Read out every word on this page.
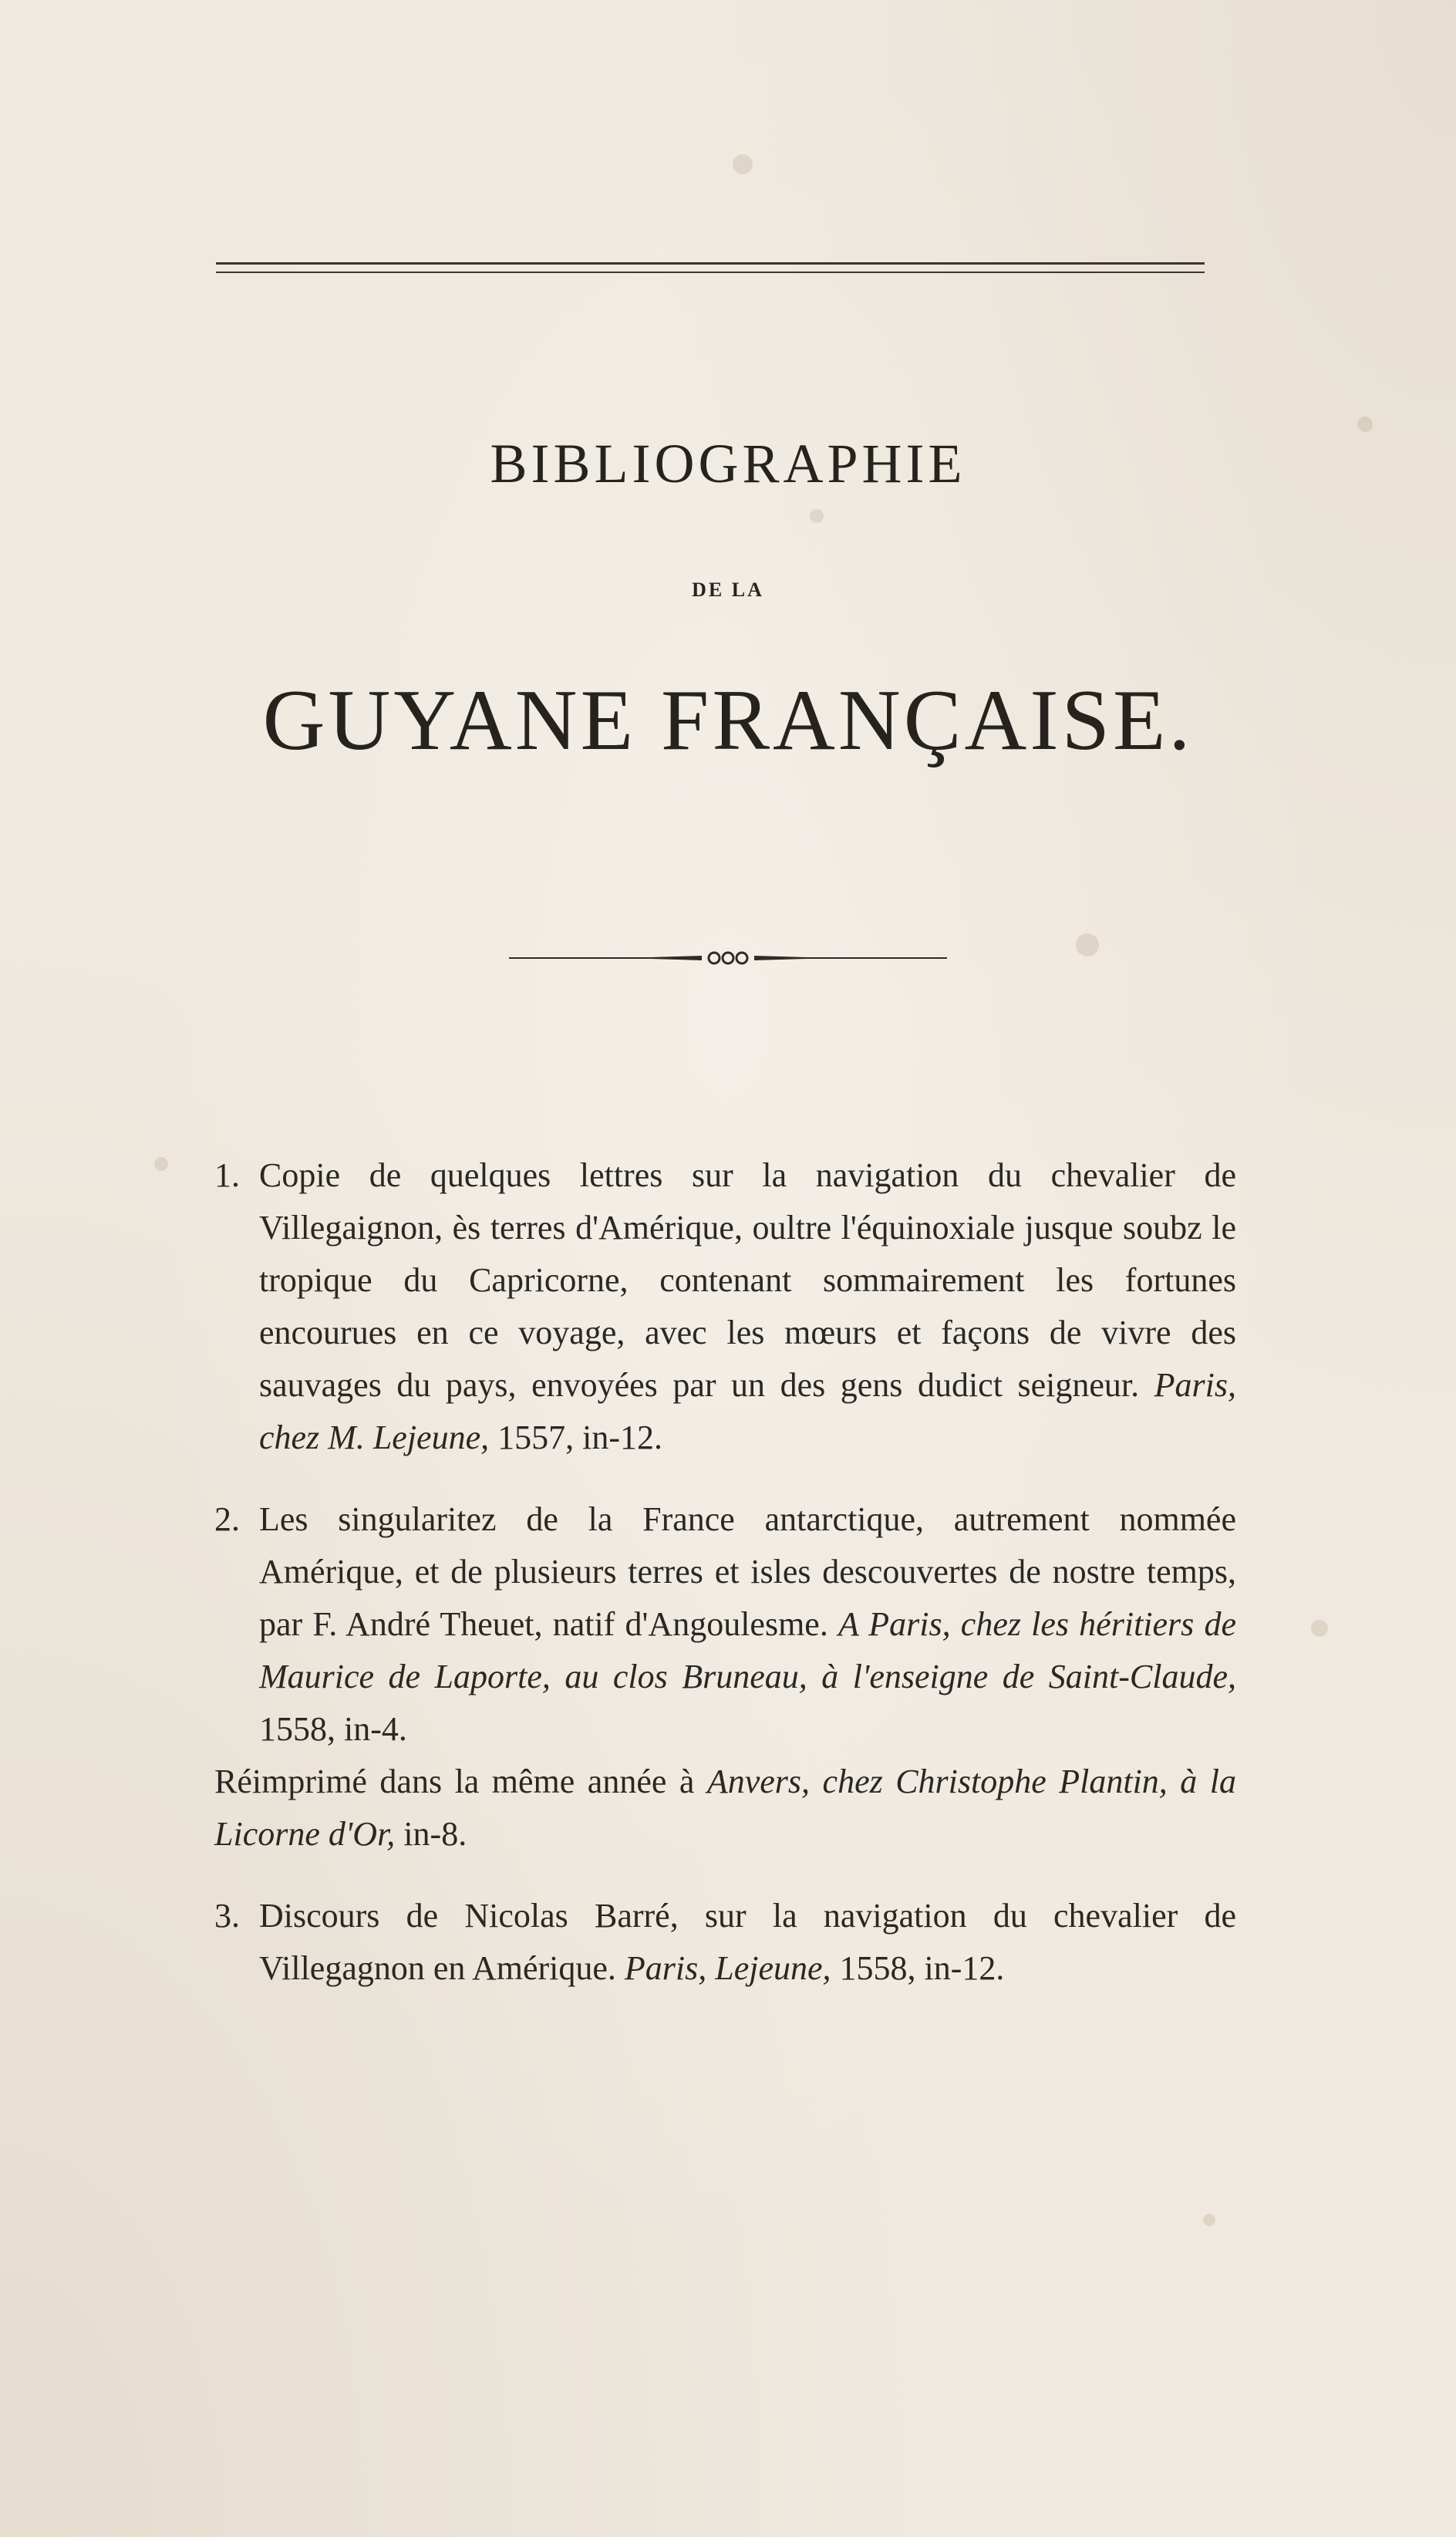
BIBLIOGRAPHIE
DE LA
GUYANE FRANÇAISE.
1. Copie de quelques lettres sur la navigation du chevalier de Villegaignon, ès terres d'Amérique, oultre l'équinoxiale jusque soubz le tropique du Capricorne, contenant sommairement les fortunes encourues en ce voyage, avec les mœurs et façons de vivre des sauvages du pays, envoyées par un des gens dudict seigneur. Paris, chez M. Lejeune, 1557, in-12.
2. Les singularitez de la France antarctique, autrement nommée Amérique, et de plusieurs terres et isles descouvertes de nostre temps, par F. André Theuet, natif d'Angoulesme. A Paris, chez les héritiers de Maurice de Laporte, au clos Bruneau, à l'enseigne de Saint-Claude, 1558, in-4.
Réimprimé dans la même année à Anvers, chez Christophe Plantin, à la Licorne d'Or, in-8.
3. Discours de Nicolas Barré, sur la navigation du chevalier de Villegagnon en Amérique. Paris, Lejeune, 1558, in-12.
